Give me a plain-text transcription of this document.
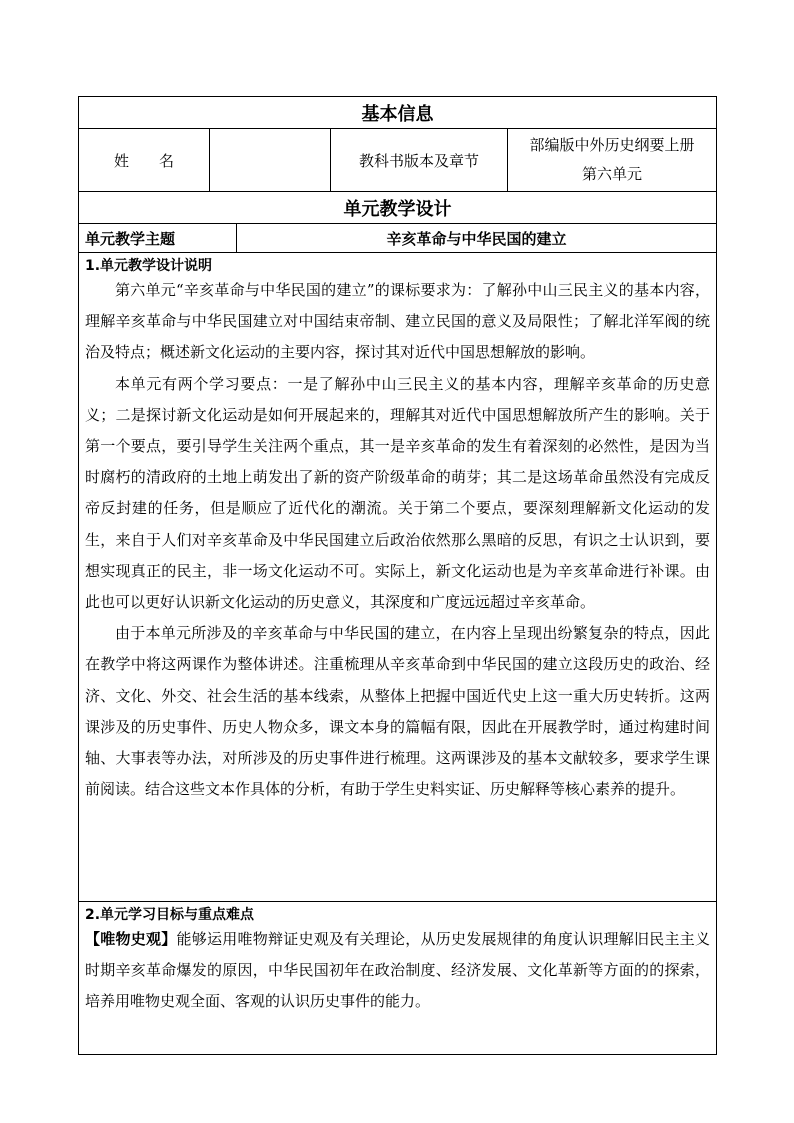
基本信息				
姓　　名			教科书版本及章节	部编版中外历史纲要上册
第六单元

单元教学设计				
单元教学主题		辛亥革命与中华民国的建立		

1.单元教学设计说明

第六单元“辛亥革命与中华民国的建立”的课标要求为：了解孙中山三民主义的基本内容，理解辛亥革命与中华民国建立对中国结束帝制、建立民国的意义及局限性；了解北洋军阀的统治及特点；概述新文化运动的主要内容，探讨其对近代中国思想解放的影响。

本单元有两个学习要点：一是了解孙中山三民主义的基本内容，理解辛亥革命的历史意义；二是探讨新文化运动是如何开展起来的，理解其对近代中国思想解放所产生的影响。关于第一个要点，要引导学生关注两个重点，其一是辛亥革命的发生有着深刻的必然性，是因为当时腐朽的清政府的土地上萌发出了新的资产阶级革命的萌芽；其二是这场革命虽然没有完成反帝反封建的任务，但是顺应了近代化的潮流。关于第二个要点，要深刻理解新文化运动的发生，来自于人们对辛亥革命及中华民国建立后政治依然那么黑暗的反思，有识之士认识到，要想实现真正的民主，非一场文化运动不可。实际上，新文化运动也是为辛亥革命进行补课。由此也可以更好认识新文化运动的历史意义，其深度和广度远远超过辛亥革命。

由于本单元所涉及的辛亥革命与中华民国的建立，在内容上呈现出纷繁复杂的特点，因此在教学中将这两课作为整体讲述。注重梳理从辛亥革命到中华民国的建立这段历史的政治、经济、文化、外交、社会生活的基本线索，从整体上把握中国近代史上这一重大历史转折。这两课涉及的历史事件、历史人物众多，课文本身的篇幅有限，因此在开展教学时，通过构建时间轴、大事表等办法，对所涉及的历史事件进行梳理。这两课涉及的基本文献较多，要求学生课前阅读。结合这些文本作具体的分析，有助于学生史料实证、历史解释等核心素养的提升。				

2.单元学习目标与重点难点

【唯物史观】能够运用唯物辩证史观及有关理论，从历史发展规律的角度认识理解旧民主主义时期辛亥革命爆发的原因，中华民国初年在政治制度、经济发展、文化革新等方面的的探索，培养用唯物史观全面、客观的认识历史事件的能力。				
